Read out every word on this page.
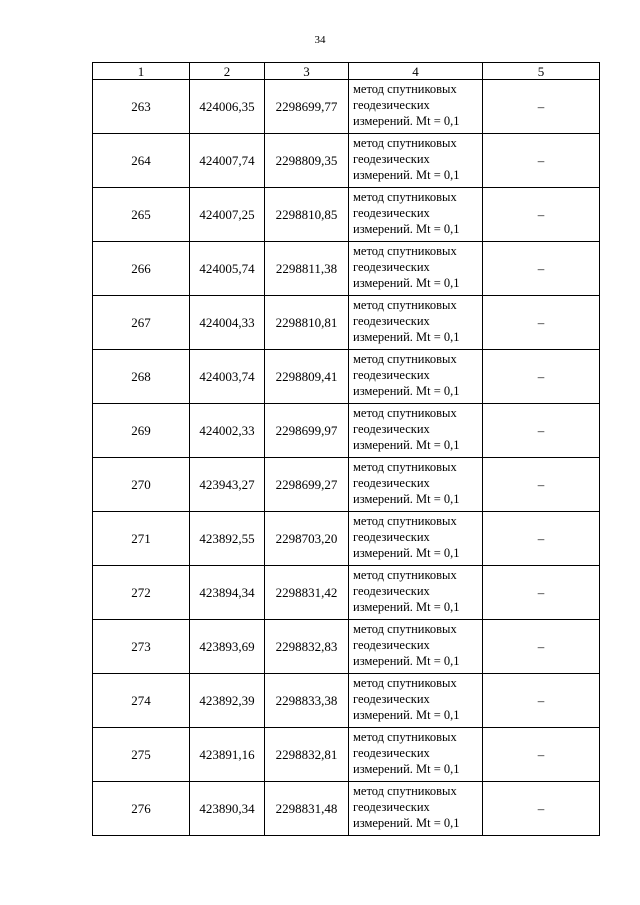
34
1	2	3	4	5
263	424006,35	2298699,77	метод спутниковых
геодезических
измерений. Mt = 0,1	–
264	424007,74	2298809,35	метод спутниковых
геодезических
измерений. Mt = 0,1	–
265	424007,25	2298810,85	метод спутниковых
геодезических
измерений. Mt = 0,1	–
266	424005,74	2298811,38	метод спутниковых
геодезических
измерений. Mt = 0,1	–
267	424004,33	2298810,81	метод спутниковых
геодезических
измерений. Mt = 0,1	–
268	424003,74	2298809,41	метод спутниковых
геодезических
измерений. Mt = 0,1	–
269	424002,33	2298699,97	метод спутниковых
геодезических
измерений. Mt = 0,1	–
270	423943,27	2298699,27	метод спутниковых
геодезических
измерений. Mt = 0,1	–
271	423892,55	2298703,20	метод спутниковых
геодезических
измерений. Mt = 0,1	–
272	423894,34	2298831,42	метод спутниковых
геодезических
измерений. Mt = 0,1	–
273	423893,69	2298832,83	метод спутниковых
геодезических
измерений. Mt = 0,1	–
274	423892,39	2298833,38	метод спутниковых
геодезических
измерений. Mt = 0,1	–
275	423891,16	2298832,81	метод спутниковых
геодезических
измерений. Mt = 0,1	–
276	423890,34	2298831,48	метод спутниковых
геодезических
измерений. Mt = 0,1	–
